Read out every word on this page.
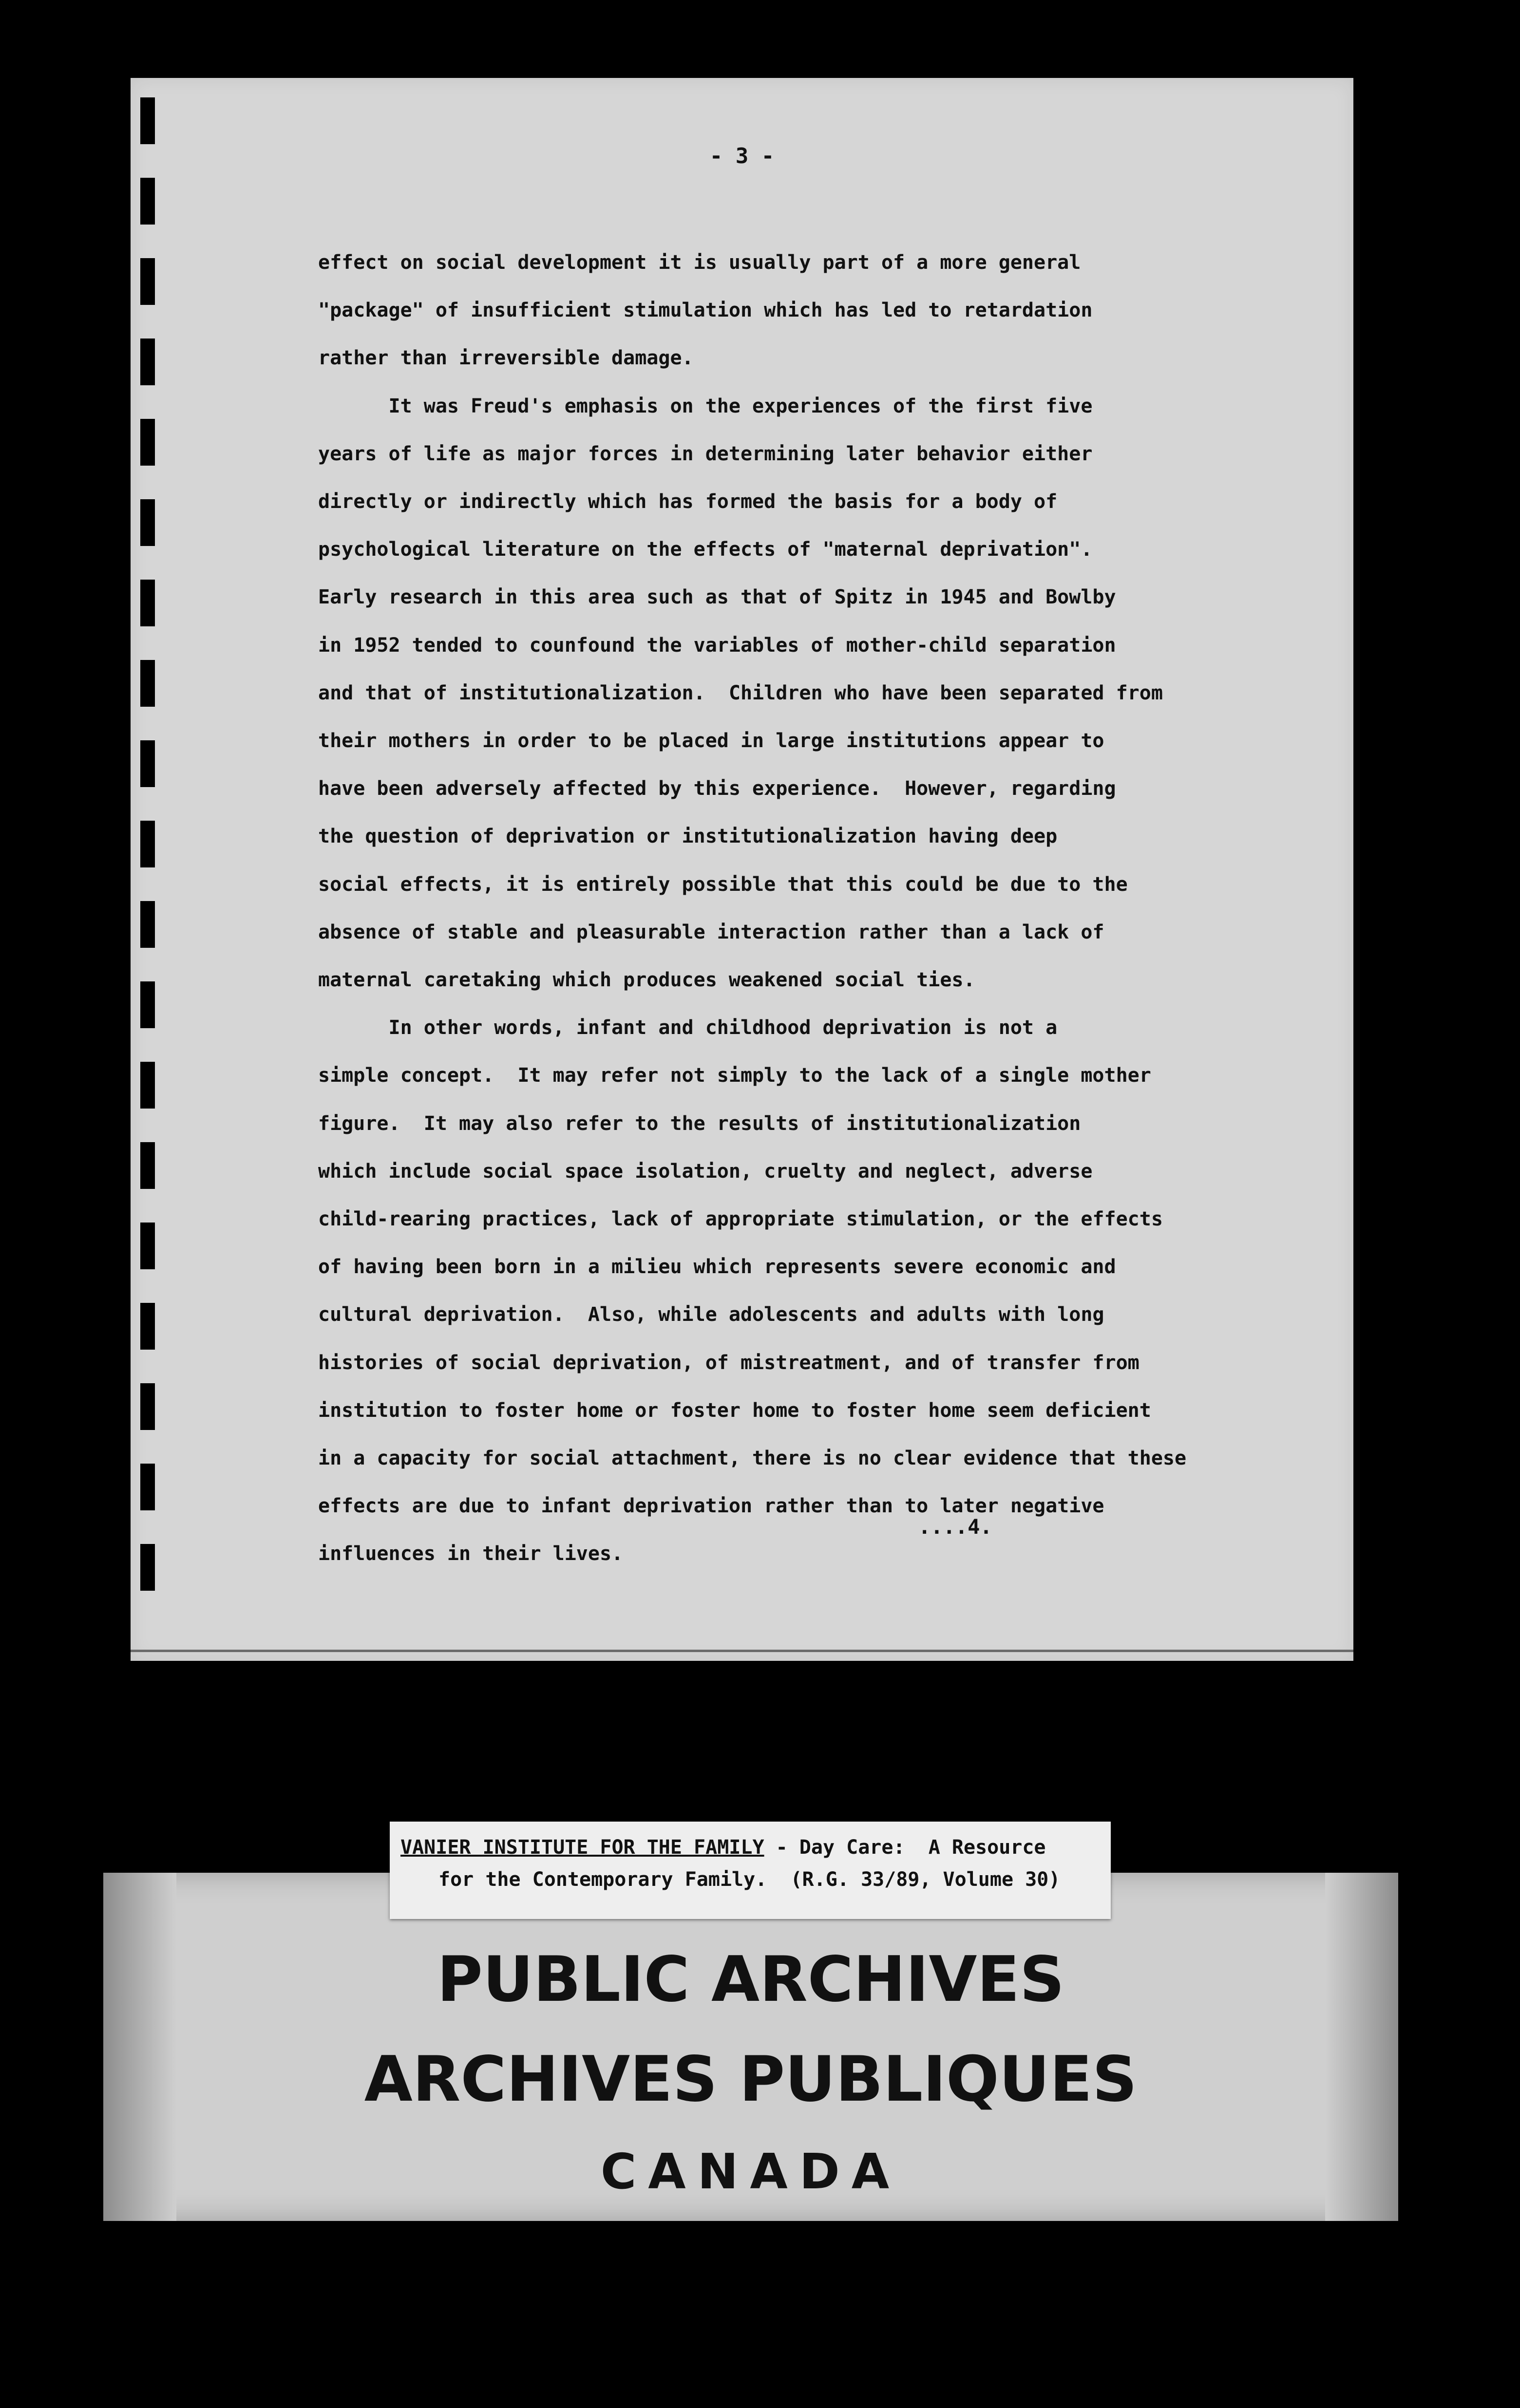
- 3 -
effect on social development it is usually part of a more general
"package" of insufficient stimulation which has led to retardation
rather than irreversible damage.
It was Freud's emphasis on the experiences of the first five
years of life as major forces in determining later behavior either
directly or indirectly which has formed the basis for a body of
psychological literature on the effects of "maternal deprivation".
Early research in this area such as that of Spitz in 1945 and Bowlby
in 1952 tended to counfound the variables of mother-child separation
and that of institutionalization.  Children who have been separated from
their mothers in order to be placed in large institutions appear to
have been adversely affected by this experience.  However, regarding
the question of deprivation or institutionalization having deep
social effects, it is entirely possible that this could be due to the
absence of stable and pleasurable interaction rather than a lack of
maternal caretaking which produces weakened social ties.
In other words, infant and childhood deprivation is not a
simple concept.  It may refer not simply to the lack of a single mother
figure.  It may also refer to the results of institutionalization
which include social space isolation, cruelty and neglect, adverse
child-rearing practices, lack of appropriate stimulation, or the effects
of having been born in a milieu which represents severe economic and
cultural deprivation.  Also, while adolescents and adults with long
histories of social deprivation, of mistreatment, and of transfer from
institution to foster home or foster home to foster home seem deficient
in a capacity for social attachment, there is no clear evidence that these
effects are due to infant deprivation rather than to later negative
influences in their lives.
....4.
VANIER INSTITUTE FOR THE FAMILY - Day Care:  A Resource
for the Contemporary Family.  (R.G. 33/89, Volume 30)
PUBLIC ARCHIVES
ARCHIVES PUBLIQUES
CANADA
